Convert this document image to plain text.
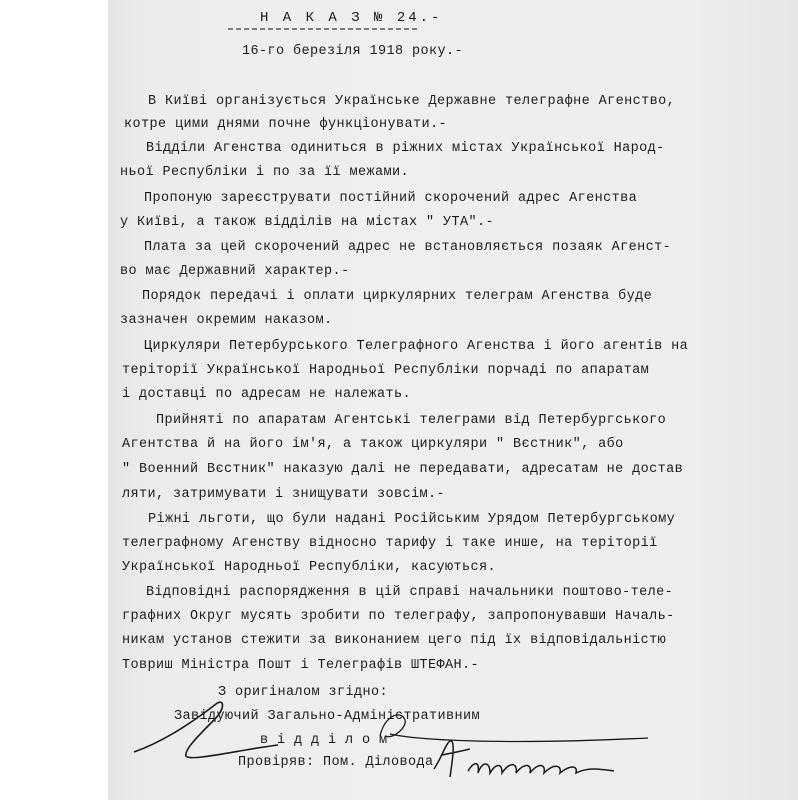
Н А К А З № 24.-
16-го березіля 1918 року.-
В Київі організується Українське Державне телеграфне Агенство,
котре цими днями почне функціонувати.-
Відділи Агенства одиниться в ріжних містах Української Народ-
ньої Республіки і по за її межами.
Пропоную зареєструвати постійний скорочений адрес Агенства
у Київі, а також відділів на містах " УТА".-
Плата за цей скорочений адрес не встановляється позаяк Агенст-
во має Державний характер.-
Порядок передачі і оплати циркулярних телеграм Агенства буде
зазначен окремим наказом.
Циркуляри Петербурського Телеграфного Агенства і його агентів на
теріторії Української Народньої Республіки порчаді по апаратам
і доставці по адресам не належать.
Прийняті по апаратам Агентські телеграми від Петербургського
Агентства й на його ім'я, а також циркуляри " Вєстник", або
" Военний Вєстник" наказую далі не передавати, адресатам не достав
ляти, затримувати і знищувати зовсім.-
Ріжні льготи, що були надані Російським Урядом Петербургському
телеграфному Агенству відносно тарифу і таке инше, на теріторії
Української Народньої Республіки, касуються.
Відповідні распорядження в цій справі начальники поштово-теле-
графних Округ мусять зробити по телеграфу, запропонувавши Началь-
никам установ стежити за виконанием цего під їх відповідальністю
Товриш Міністра Пошт і Телеграфів ШТЕФАН.-
З оригіналом згідно:
Завідуючий Загально-Адміністративним
в і д д і л о м
Провіряв: Пом. Діловода
